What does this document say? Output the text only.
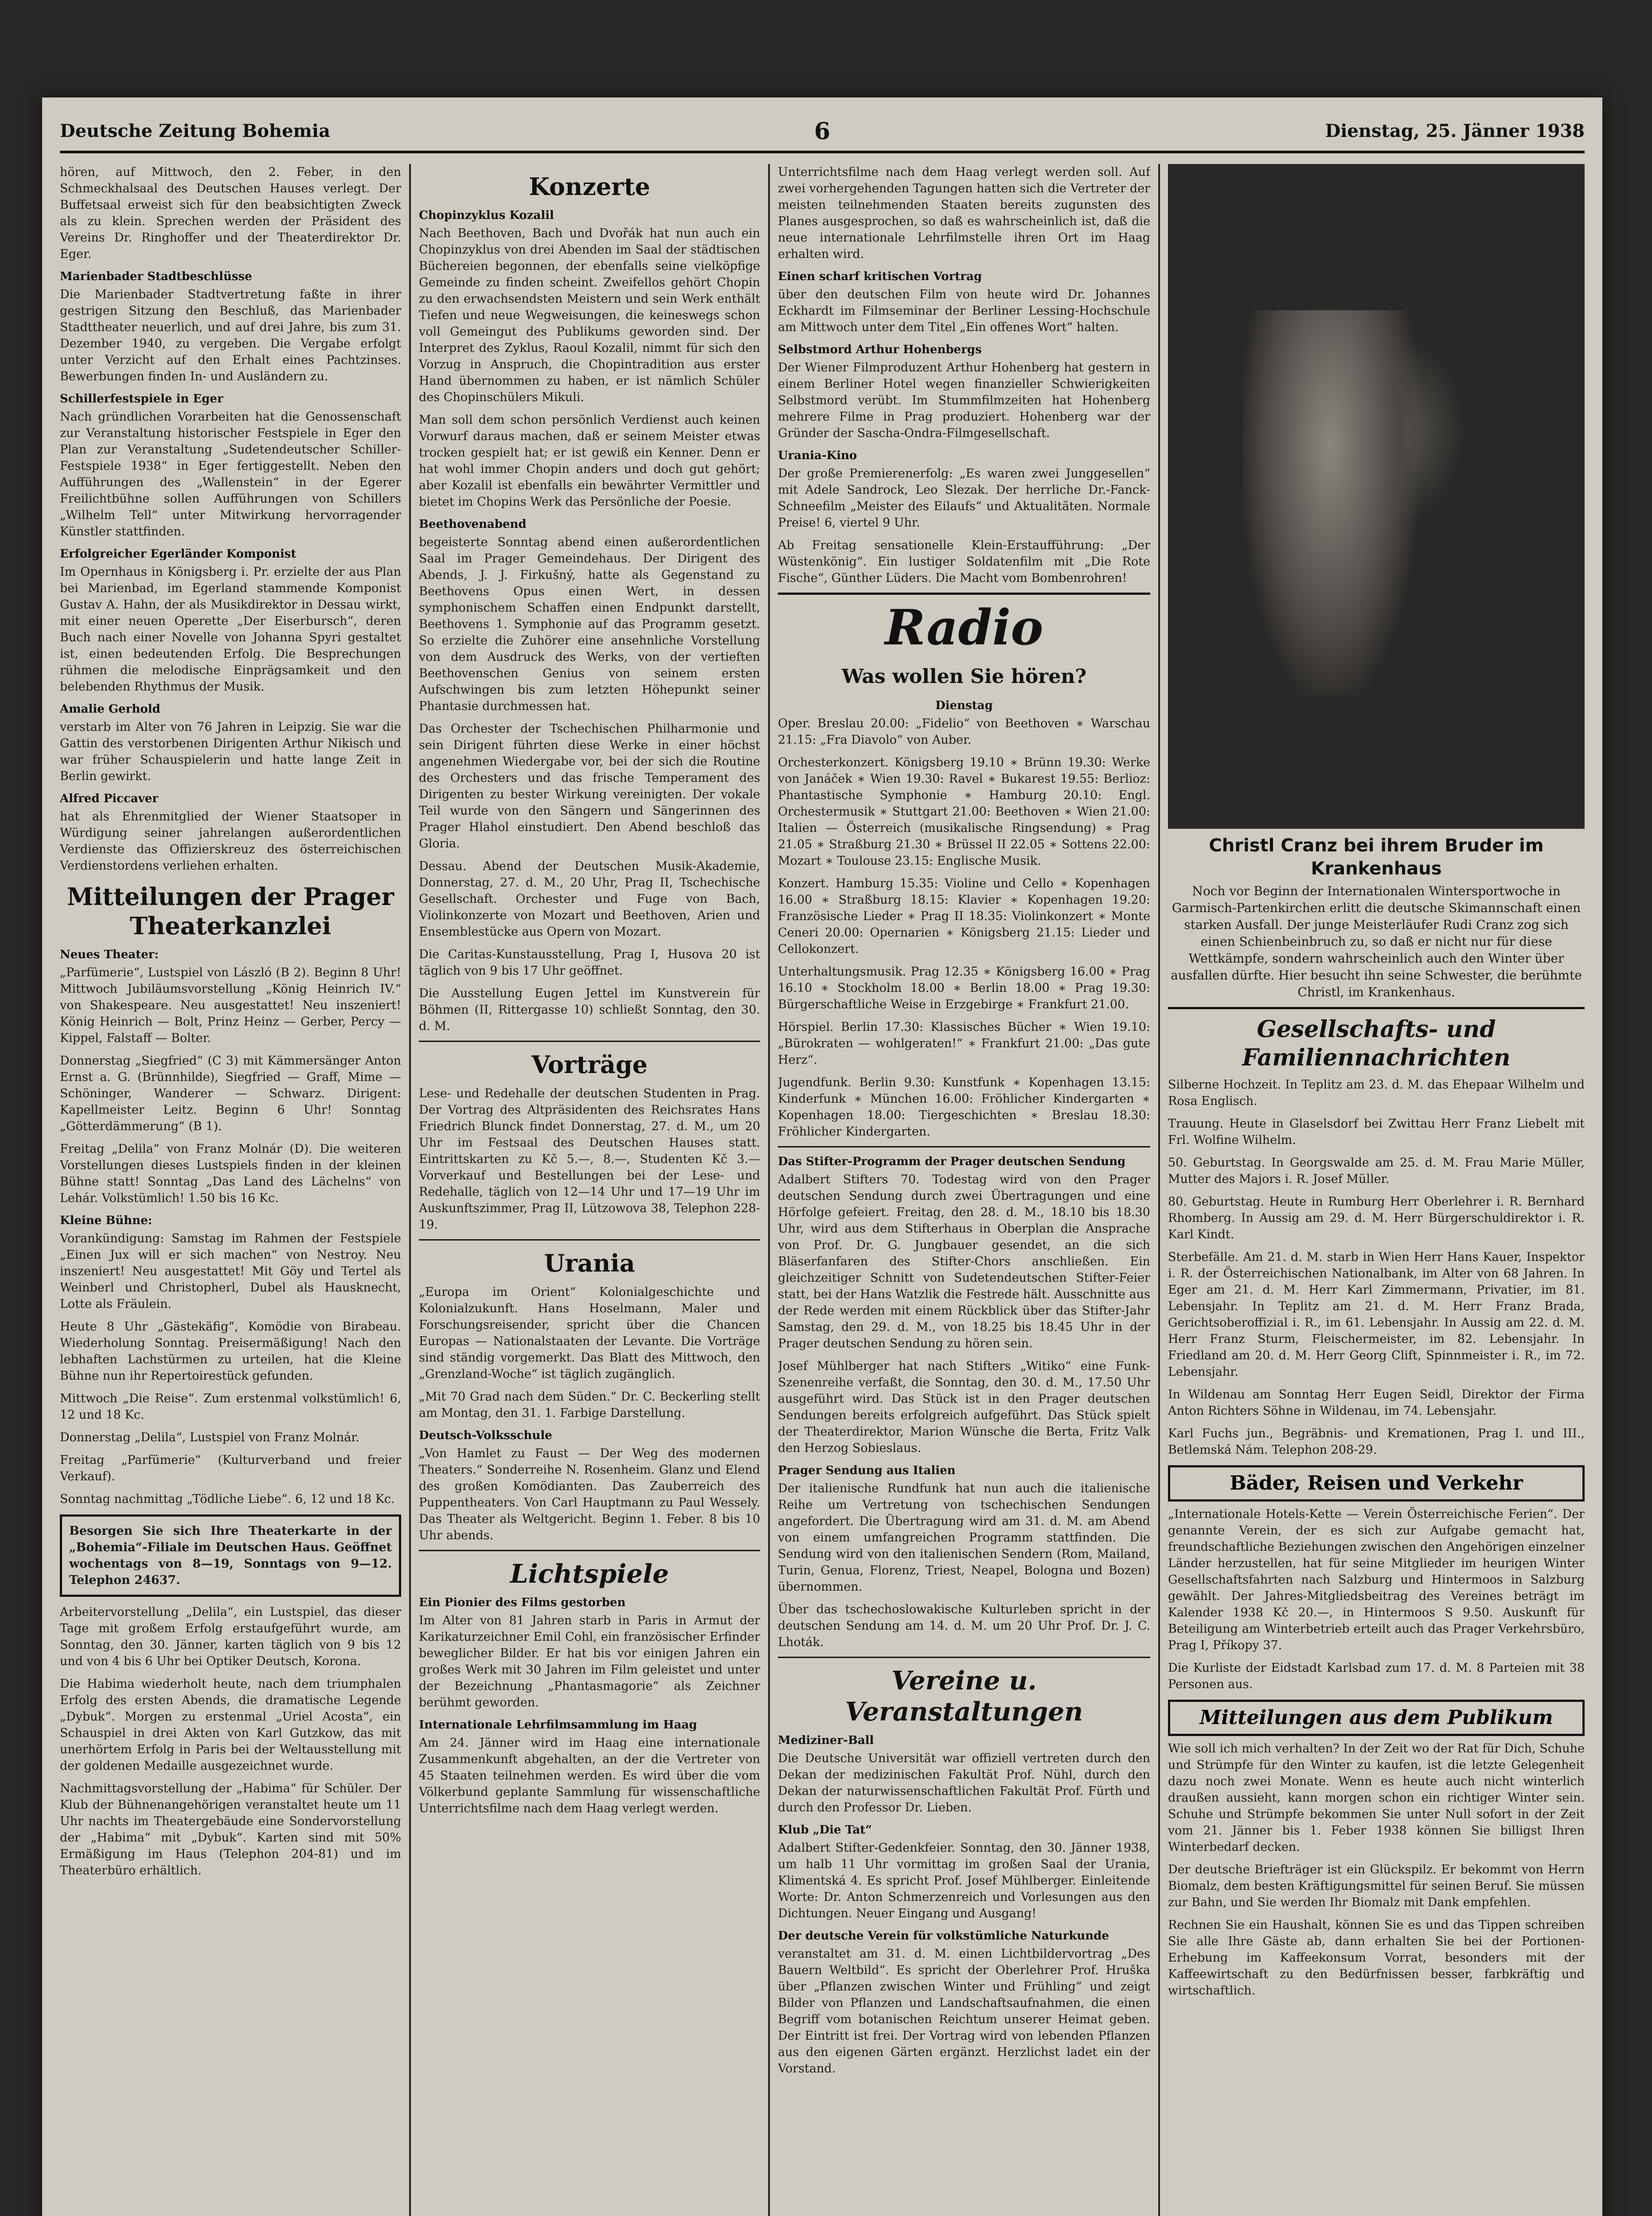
Deutsche Zeitung Bohemia	6	Dienstag, 25. Jänner 1938

hören, auf Mittwoch, den 2. Feber, in den Schmeckhalsaal des Deutschen Hauses verlegt. Der Buffetsaal erweist sich für den beabsichtigten Zweck als zu klein. Sprechen werden der Präsident des Vereins Dr. Ringhoffer und der Theaterdirektor Dr. Eger.

Marienbader Stadtbeschlüsse

Die Marienbader Stadtvertretung faßte in ihrer gestrigen Sitzung den Beschluß, das Marienbader Stadttheater neuerlich, und auf drei Jahre, bis zum 31. Dezember 1940, zu vergeben. Die Vergabe erfolgt unter Verzicht auf den Erhalt eines Pachtzinses. Bewerbungen finden In- und Ausländern zu.

Schillerfestspiele in Eger

Nach gründlichen Vorarbeiten hat die Genossenschaft zur Veranstaltung historischer Festspiele in Eger den Plan zur Veranstaltung „Sudetendeutscher Schiller-Festspiele 1938“ in Eger fertiggestellt. Neben den Aufführungen des „Wallenstein“ in der Egerer Freilichtbühne sollen Aufführungen von Schillers „Wilhelm Tell“ unter Mitwirkung hervorragender Künstler stattfinden.

Erfolgreicher Egerländer Komponist

Im Opernhaus in Königsberg i. Pr. erzielte der aus Plan bei Marienbad, im Egerland stammende Komponist Gustav A. Hahn, der als Musikdirektor in Dessau wirkt, mit einer neuen Operette „Der Eiserbursch“, deren Buch nach einer Novelle von Johanna Spyri gestaltet ist, einen bedeutenden Erfolg. Die Besprechungen rühmen die melodische Einprägsamkeit und den belebenden Rhythmus der Musik.

Amalie Gerhold

verstarb im Alter von 76 Jahren in Leipzig. Sie war die Gattin des verstorbenen Dirigenten Arthur Nikisch und war früher Schauspielerin und hatte lange Zeit in Berlin gewirkt.

Alfred Piccaver

hat als Ehrenmitglied der Wiener Staatsoper in Würdigung seiner jahrelangen außerordentlichen Verdienste das Offizierskreuz des österreichischen Verdienstordens verliehen erhalten.

Mitteilungen der Prager Theaterkanzlei
Neues Theater:

„Parfümerie“, Lustspiel von László (B 2). Beginn 8 Uhr! Mittwoch Jubiläumsvorstellung „König Heinrich IV.“ von Shakespeare. Neu ausgestattet! Neu inszeniert! König Heinrich — Bolt, Prinz Heinz — Gerber, Percy — Kippel, Falstaff — Bolter.

Donnerstag „Siegfried“ (C 3) mit Kämmersänger Anton Ernst a. G. (Brünnhilde), Siegfried — Graff, Mime — Schöninger, Wanderer — Schwarz. Dirigent: Kapellmeister Leitz. Beginn 6 Uhr! Sonntag „Götterdämmerung“ (B 1).

Freitag „Delila“ von Franz Molnár (D). Die weiteren Vorstellungen dieses Lustspiels finden in der kleinen Bühne statt! Sonntag „Das Land des Lächelns“ von Lehár. Volkstümlich! 1.50 bis 16 Kc.

Kleine Bühne:

Vorankündigung: Samstag im Rahmen der Festspiele „Einen Jux will er sich machen“ von Nestroy. Neu inszeniert! Neu ausgestattet! Mit Göy und Tertel als Weinberl und Christopherl, Dubel als Hausknecht, Lotte als Fräulein.

Heute 8 Uhr „Gästekäfig“, Komödie von Birabeau. Wiederholung Sonntag. Preisermäßigung! Nach den lebhaften Lachstürmen zu urteilen, hat die Kleine Bühne nun ihr Repertoirestück gefunden.

Mittwoch „Die Reise“. Zum erstenmal volkstümlich! 6, 12 und 18 Kc.

Donnerstag „Delila“, Lustspiel von Franz Molnár.

Freitag „Parfümerie“ (Kulturverband und freier Verkauf).

Sonntag nachmittag „Tödliche Liebe“. 6, 12 und 18 Kc.

Besorgen Sie sich Ihre Theaterkarte in der „Bohemia“-Filiale im Deutschen Haus. Geöffnet wochentags von 8—19, Sonntags von 9—12. Telephon 24637.

Arbeitervorstellung „Delila“, ein Lustspiel, das dieser Tage mit großem Erfolg erstaufgeführt wurde, am Sonntag, den 30. Jänner, karten täglich von 9 bis 12 und von 4 bis 6 Uhr bei Optiker Deutsch, Korona.

Die Habima wiederholt heute, nach dem triumphalen Erfolg des ersten Abends, die dramatische Legende „Dybuk“. Morgen zu erstenmal „Uriel Acosta“, ein Schauspiel in drei Akten von Karl Gutzkow, das mit unerhörtem Erfolg in Paris bei der Weltausstellung mit der goldenen Medaille ausgezeichnet wurde.

Nachmittagsvorstellung der „Habima“ für Schüler. Der Klub der Bühnenangehörigen veranstaltet heute um 11 Uhr nachts im Theatergebäude eine Sondervorstellung der „Habima“ mit „Dybuk“. Karten sind mit 50% Ermäßigung im Haus (Telephon 204-81) und im Theaterbüro erhältlich.

Konzerte
Chopinzyklus Kozalil

Nach Beethoven, Bach und Dvořák hat nun auch ein Chopinzyklus von drei Abenden im Saal der städtischen Büchereien begonnen, der ebenfalls seine vielköpfige Gemeinde zu finden scheint. Zweifellos gehört Chopin zu den erwachsendsten Meistern und sein Werk enthält Tiefen und neue Wegweisungen, die keineswegs schon voll Gemeingut des Publikums geworden sind. Der Interpret des Zyklus, Raoul Kozalil, nimmt für sich den Vorzug in Anspruch, die Chopintradition aus erster Hand übernommen zu haben, er ist nämlich Schüler des Chopinschülers Mikuli.

Man soll dem schon persönlich Verdienst auch keinen Vorwurf daraus machen, daß er seinem Meister etwas trocken gespielt hat; er ist gewiß ein Kenner. Denn er hat wohl immer Chopin anders und doch gut gehört; aber Kozalil ist ebenfalls ein bewährter Vermittler und bietet im Chopins Werk das Persönliche der Poesie.

Beethovenabend

begeisterte Sonntag abend einen außerordentlichen Saal im Prager Gemeindehaus. Der Dirigent des Abends, J. J. Firkušný, hatte als Gegenstand zu Beethovens Opus einen Wert, in dessen symphonischem Schaffen einen Endpunkt darstellt, Beethovens 1. Symphonie auf das Programm gesetzt. So erzielte die Zuhörer eine ansehnliche Vorstellung von dem Ausdruck des Werks, von der vertieften Beethovenschen Genius von seinem ersten Aufschwingen bis zum letzten Höhepunkt seiner Phantasie durchmessen hat.

Das Orchester der Tschechischen Philharmonie und sein Dirigent führten diese Werke in einer höchst angenehmen Wiedergabe vor, bei der sich die Routine des Orchesters und das frische Temperament des Dirigenten zu bester Wirkung vereinigten. Der vokale Teil wurde von den Sängern und Sängerinnen des Prager Hlahol einstudiert. Den Abend beschloß das Gloria.

Dessau. Abend der Deutschen Musik-Akademie, Donnerstag, 27. d. M., 20 Uhr, Prag II, Tschechische Gesellschaft. Orchester und Fuge von Bach, Violinkonzerte von Mozart und Beethoven, Arien und Ensemblestücke aus Opern von Mozart.

Die Caritas-Kunstausstellung, Prag I, Husova 20 ist täglich von 9 bis 17 Uhr geöffnet.

Die Ausstellung Eugen Jettel im Kunstverein für Böhmen (II, Rittergasse 10) schließt Sonntag, den 30. d. M.

Vorträge

Lese- und Redehalle der deutschen Studenten in Prag. Der Vortrag des Altpräsidenten des Reichsrates Hans Friedrich Blunck findet Donnerstag, 27. d. M., um 20 Uhr im Festsaal des Deutschen Hauses statt. Eintrittskarten zu Kč 5.—, 8.—, Studenten Kč 3.— Vorverkauf und Bestellungen bei der Lese- und Redehalle, täglich von 12—14 Uhr und 17—19 Uhr im Auskunftszimmer, Prag II, Lützowova 38, Telephon 228-19.

Urania

„Europa im Orient“ Kolonialgeschichte und Kolonialzukunft. Hans Hoselmann, Maler und Forschungsreisender, spricht über die Chancen Europas — Nationalstaaten der Levante. Die Vorträge sind ständig vorgemerkt. Das Blatt des Mittwoch, den „Grenzland-Woche“ ist täglich zugänglich.

„Mit 70 Grad nach dem Süden.“ Dr. C. Beckerling stellt am Montag, den 31. 1. Farbige Darstellung.

Deutsch-Volksschule

„Von Hamlet zu Faust — Der Weg des modernen Theaters.“ Sonderreihe N. Rosenheim. Glanz und Elend des großen Komödianten. Das Zauberreich des Puppentheaters. Von Carl Hauptmann zu Paul Wessely. Das Theater als Weltgericht. Beginn 1. Feber. 8 bis 10 Uhr abends.

Lichtspiele
Ein Pionier des Films gestorben

Im Alter von 81 Jahren starb in Paris in Armut der Karikaturzeichner Emil Cohl, ein französischer Erfinder beweglicher Bilder. Er hat bis vor einigen Jahren ein großes Werk mit 30 Jahren im Film geleistet und unter der Bezeichnung „Phantasmagorie“ als Zeichner berühmt geworden.

Internationale Lehrfilmsammlung im Haag

Am 24. Jänner wird im Haag eine internationale Zusammenkunft abgehalten, an der die Vertreter von 45 Staaten teilnehmen werden. Es wird über die vom Völkerbund geplante Sammlung für wissenschaftliche Unterrichtsfilme nach dem Haag verlegt werden.

Unterrichtsfilme nach dem Haag verlegt werden soll. Auf zwei vorhergehenden Tagungen hatten sich die Vertreter der meisten teilnehmenden Staaten bereits zugunsten des Planes ausgesprochen, so daß es wahrscheinlich ist, daß die neue internationale Lehrfilmstelle ihren Ort im Haag erhalten wird.

Einen scharf kritischen Vortrag

über den deutschen Film von heute wird Dr. Johannes Eckhardt im Filmseminar der Berliner Lessing-Hochschule am Mittwoch unter dem Titel „Ein offenes Wort“ halten.

Selbstmord Arthur Hohenbergs

Der Wiener Filmproduzent Arthur Hohenberg hat gestern in einem Berliner Hotel wegen finanzieller Schwierigkeiten Selbstmord verübt. Im Stummfilmzeiten hat Hohenberg mehrere Filme in Prag produziert. Hohenberg war der Gründer der Sascha-Ondra-Filmgesellschaft.

Urania-Kino

Der große Premierenerfolg: „Es waren zwei Junggesellen“ mit Adele Sandrock, Leo Slezak. Der herrliche Dr.-Fanck-Schneefilm „Meister des Eilaufs“ und Aktualitäten. Normale Preise! 6, viertel 9 Uhr.

Ab Freitag sensationelle Klein-Erstaufführung: „Der Wüstenkönig“. Ein lustiger Soldatenfilm mit „Die Rote Fische“, Günther Lüders. Die Macht vom Bombenrohren!

Radio
Was wollen Sie hören?
Dienstag

Oper. Breslau 20.00: „Fidelio“ von Beethoven ∗ Warschau 21.15: „Fra Diavolo“ von Auber.

Orchesterkonzert. Königsberg 19.10 ∗ Brünn 19.30: Werke von Janáček ∗ Wien 19.30: Ravel ∗ Bukarest 19.55: Berlioz: Phantastische Symphonie ∗ Hamburg 20.10: Engl. Orchestermusik ∗ Stuttgart 21.00: Beethoven ∗ Wien 21.00: Italien — Österreich (musikalische Ringsendung) ∗ Prag 21.05 ∗ Straßburg 21.30 ∗ Brüssel II 22.05 ∗ Sottens 22.00: Mozart ∗ Toulouse 23.15: Englische Musik.

Konzert. Hamburg 15.35: Violine und Cello ∗ Kopenhagen 16.00 ∗ Straßburg 18.15: Klavier ∗ Kopenhagen 19.20: Französische Lieder ∗ Prag II 18.35: Violinkonzert ∗ Monte Ceneri 20.00: Opernarien ∗ Königsberg 21.15: Lieder und Cellokonzert.

Unterhaltungsmusik. Prag 12.35 ∗ Königsberg 16.00 ∗ Prag 16.10 ∗ Stockholm 18.00 ∗ Berlin 18.00 ∗ Prag 19.30: Bürgerschaftliche Weise in Erzgebirge ∗ Frankfurt 21.00.

Hörspiel. Berlin 17.30: Klassisches Bücher ∗ Wien 19.10: „Bürokraten — wohlgeraten!“ ∗ Frankfurt 21.00: „Das gute Herz“.

Jugendfunk. Berlin 9.30: Kunstfunk ∗ Kopenhagen 13.15: Kinderfunk ∗ München 16.00: Fröhlicher Kindergarten ∗ Kopenhagen 18.00: Tiergeschichten ∗ Breslau 18.30: Fröhlicher Kindergarten.

Das Stifter-Programm der Prager deutschen Sendung

Adalbert Stifters 70. Todestag wird von den Prager deutschen Sendung durch zwei Übertragungen und eine Hörfolge gefeiert. Freitag, den 28. d. M., 18.10 bis 18.30 Uhr, wird aus dem Stifterhaus in Oberplan die Ansprache von Prof. Dr. G. Jungbauer gesendet, an die sich Bläserfanfaren des Stifter-Chors anschließen. Ein gleichzeitiger Schnitt von Sudetendeutschen Stifter-Feier statt, bei der Hans Watzlik die Festrede hält. Ausschnitte aus der Rede werden mit einem Rückblick über das Stifter-Jahr Samstag, den 29. d. M., von 18.25 bis 18.45 Uhr in der Prager deutschen Sendung zu hören sein.

Josef Mühlberger hat nach Stifters „Witiko“ eine Funk-Szenenreihe verfaßt, die Sonntag, den 30. d. M., 17.50 Uhr ausgeführt wird. Das Stück ist in den Prager deutschen Sendungen bereits erfolgreich aufgeführt. Das Stück spielt der Theaterdirektor, Marion Wünsche die Berta, Fritz Valk den Herzog Sobieslaus.

Prager Sendung aus Italien

Der italienische Rundfunk hat nun auch die italienische Reihe um Vertretung von tschechischen Sendungen angefordert. Die Übertragung wird am 31. d. M. am Abend von einem umfangreichen Programm stattfinden. Die Sendung wird von den italienischen Sendern (Rom, Mailand, Turin, Genua, Florenz, Triest, Neapel, Bologna und Bozen) übernommen.

Über das tschechoslowakische Kulturleben spricht in der deutschen Sendung am 14. d. M. um 20 Uhr Prof. Dr. J. C. Lhoták.

Vereine u. Veranstaltungen
Mediziner-Ball

Die Deutsche Universität war offiziell vertreten durch den Dekan der medizinischen Fakultät Prof. Nühl, durch den Dekan der naturwissenschaftlichen Fakultät Prof. Fürth und durch den Professor Dr. Lieben.

Klub „Die Tat“

Adalbert Stifter-Gedenkfeier. Sonntag, den 30. Jänner 1938, um halb 11 Uhr vormittag im großen Saal der Urania, Klimentská 4. Es spricht Prof. Josef Mühlberger. Einleitende Worte: Dr. Anton Schmerzenreich und Vorlesungen aus den Dichtungen. Neuer Eingang und Ausgang!

Der deutsche Verein für volkstümliche Naturkunde

veranstaltet am 31. d. M. einen Lichtbildervortrag „Des Bauern Weltbild“. Es spricht der Oberlehrer Prof. Hruška über „Pflanzen zwischen Winter und Frühling“ und zeigt Bilder von Pflanzen und Landschaftsaufnahmen, die einen Begriff vom botanischen Reichtum unserer Heimat geben. Der Eintritt ist frei. Der Vortrag wird von lebenden Pflanzen aus den eigenen Gärten ergänzt. Herzlichst ladet ein der Vorstand.

Christl Cranz bei ihrem Bruder im Krankenhaus
Noch vor Beginn der Internationalen Wintersportwoche in Garmisch-Partenkirchen erlitt die deutsche Skimannschaft einen starken Ausfall. Der junge Meisterläufer Rudi Cranz zog sich einen Schienbeinbruch zu, so daß er nicht nur für diese Wettkämpfe, sondern wahrscheinlich auch den Winter über ausfallen dürfte. Hier besucht ihn seine Schwester, die berühmte Christl, im Krankenhaus.
Gesellschafts- und Familiennachrichten

Silberne Hochzeit. In Teplitz am 23. d. M. das Ehepaar Wilhelm und Rosa Englisch.

Trauung. Heute in Glaselsdorf bei Zwittau Herr Franz Liebelt mit Frl. Wolfine Wilhelm.

50. Geburtstag. In Georgswalde am 25. d. M. Frau Marie Müller, Mutter des Majors i. R. Josef Müller.

80. Geburtstag. Heute in Rumburg Herr Oberlehrer i. R. Bernhard Rhomberg. In Aussig am 29. d. M. Herr Bürgerschuldirektor i. R. Karl Kindt.

Sterbefälle. Am 21. d. M. starb in Wien Herr Hans Kauer, Inspektor i. R. der Österreichischen Nationalbank, im Alter von 68 Jahren. In Eger am 21. d. M. Herr Karl Zimmermann, Privatier, im 81. Lebensjahr. In Teplitz am 21. d. M. Herr Franz Brada, Gerichtsoberoffizial i. R., im 61. Lebensjahr. In Aussig am 22. d. M. Herr Franz Sturm, Fleischermeister, im 82. Lebensjahr. In Friedland am 20. d. M. Herr Georg Clift, Spinnmeister i. R., im 72. Lebensjahr.

In Wildenau am Sonntag Herr Eugen Seidl, Direktor der Firma Anton Richters Söhne in Wildenau, im 74. Lebensjahr.

Karl Fuchs jun., Begräbnis- und Kremationen, Prag I. und III., Betlemská Nám. Telephon 208-29.

Bäder, Reisen und Verkehr

„Internationale Hotels-Kette — Verein Österreichische Ferien“. Der genannte Verein, der es sich zur Aufgabe gemacht hat, freundschaftliche Beziehungen zwischen den Angehörigen einzelner Länder herzustellen, hat für seine Mitglieder im heurigen Winter Gesellschaftsfahrten nach Salzburg und Hintermoos in Salzburg gewählt. Der Jahres-Mitgliedsbeitrag des Vereines beträgt im Kalender 1938 Kč 20.—, in Hintermoos S 9.50. Auskunft für Beteiligung am Winterbetrieb erteilt auch das Prager Verkehrsbüro, Prag I, Příkopy 37.

Die Kurliste der Eidstadt Karlsbad zum 17. d. M. 8 Parteien mit 38 Personen aus.

Mitteilungen aus dem Publikum

Wie soll ich mich verhalten? In der Zeit wo der Rat für Dich, Schuhe und Strümpfe für den Winter zu kaufen, ist die letzte Gelegenheit dazu noch zwei Monate. Wenn es heute auch nicht winterlich draußen aussieht, kann morgen schon ein richtiger Winter sein. Schuhe und Strümpfe bekommen Sie unter Null sofort in der Zeit vom 21. Jänner bis 1. Feber 1938 können Sie billigst Ihren Winterbedarf decken.

Der deutsche Briefträger ist ein Glückspilz. Er bekommt von Herrn Biomalz, dem besten Kräftigungsmittel für seinen Beruf. Sie müssen zur Bahn, und Sie werden Ihr Biomalz mit Dank empfehlen.

Rechnen Sie ein Haushalt, können Sie es und das Tippen schreiben Sie alle Ihre Gäste ab, dann erhalten Sie bei der Portionen-Erhebung im Kaffeekonsum Vorrat, besonders mit der Kaffeewirtschaft zu den Bedürfnissen besser, farbkräftig und wirtschaftlich.
